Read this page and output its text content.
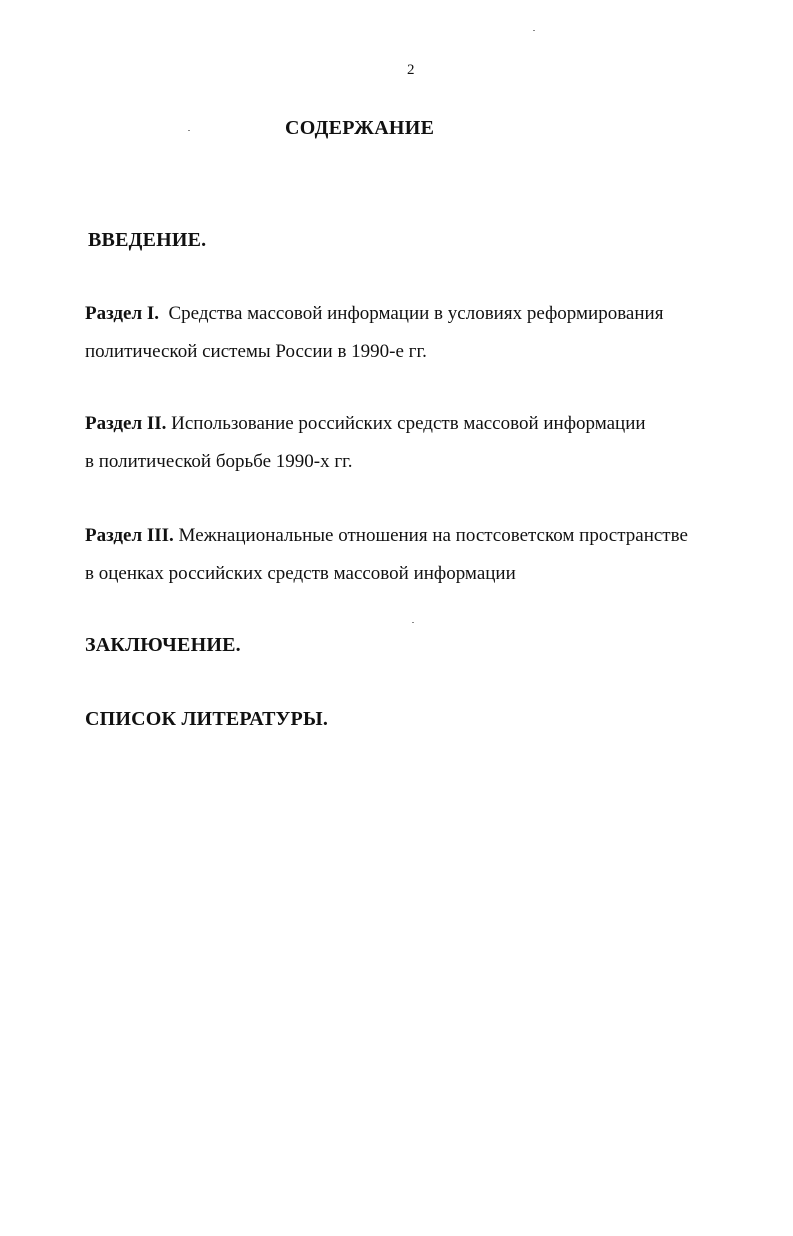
2
СОДЕРЖАНИЕ
ВВЕДЕНИЕ.
Раздел I. Средства массовой информации в условиях реформирования
политической системы России в 1990-е гг.
Раздел II. Использование российских средств массовой информации
в политической борьбе 1990-х гг.
Раздел III. Межнациональные отношения на постсоветском пространстве
в оценках российских средств массовой информации
ЗАКЛЮЧЕНИЕ.
СПИСОК ЛИТЕРАТУРЫ.
